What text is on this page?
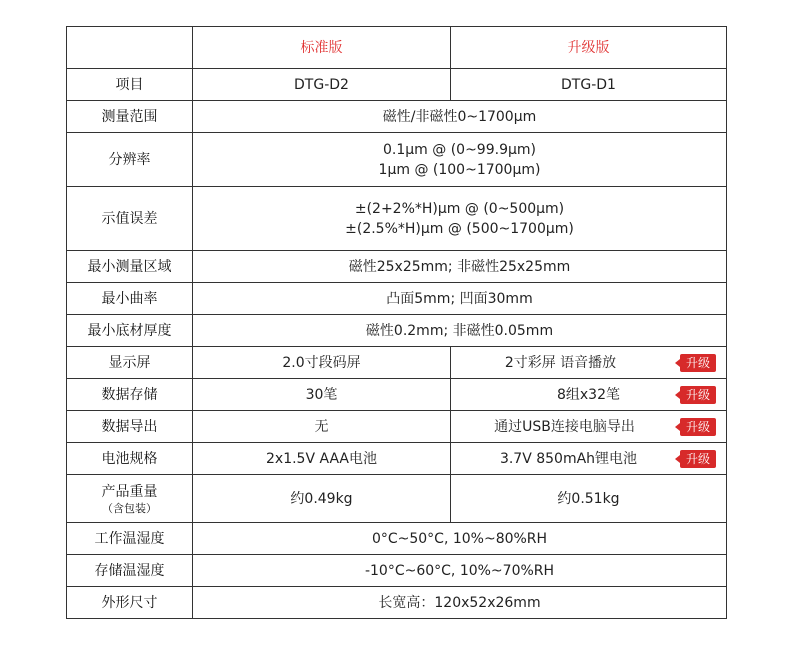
	标准版	升级版
项目	DTG-D2	DTG-D1
测量范围	磁性/非磁性0~1700μm	
分辨率	0.1μm @ (0~99.9μm)
1μm @ (100~1700μm)	

示值误差	±(2+2%*H)μm @ (0~500μm)
±(2.5%*H)μm @ (500~1700μm)	

最小测量区域	磁性25x25mm; 非磁性25x25mm	
最小曲率	凸面5mm; 凹面30mm	
最小底材厚度	磁性0.2mm; 非磁性0.05mm	
显示屏	2.0寸段码屏	2寸彩屏 语音播放 升级

数据存储	30笔	8组x32笔 升级

数据导出	无	通过USB连接电脑导出 升级

电池规格	2x1.5V AAA电池	3.7V 850mAh锂电池 升级

产品重量
（含包装）	约0.49kg	约0.51kg
工作温湿度	0°C~50°C, 10%~80%RH	
存储温湿度	-10°C~60°C, 10%~70%RH	
外形尺寸	长宽高：120x52x26mm	
